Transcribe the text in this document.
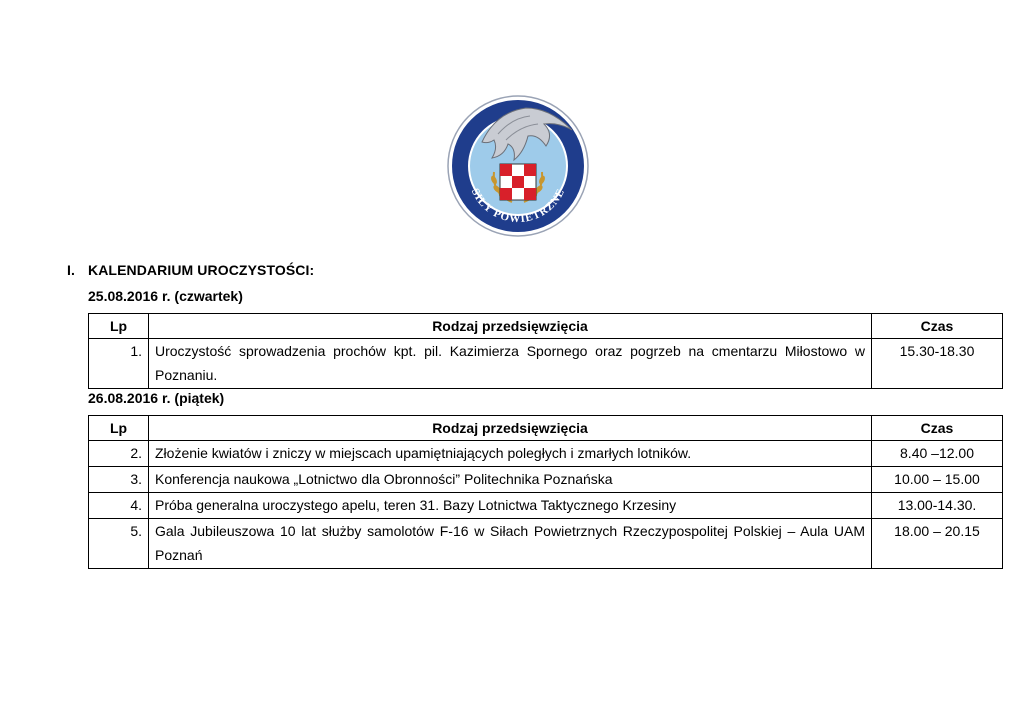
SIŁY POWIETRZNE
I. KALENDARIUM UROCZYSTOŚCI:
25.08.2016 r. (czwartek)
Lp	Rodzaj przedsięwzięcia	Czas
1.	Uroczystość sprowadzenia prochów kpt. pil. Kazimierza Spornego oraz pogrzeb na cmentarzu Miłostowo w Poznaniu.	15.30-18.30
26.08.2016 r. (piątek)
Lp	Rodzaj przedsięwzięcia	Czas
2.	Złożenie kwiatów i zniczy w miejscach upamiętniających poległych i zmarłych lotników.	8.40 –12.00
3.	Konferencja naukowa „Lotnictwo dla Obronności” Politechnika Poznańska	10.00 – 15.00
4.	Próba generalna uroczystego apelu, teren 31. Bazy Lotnictwa Taktycznego Krzesiny	13.00-14.30.
5.	Gala Jubileuszowa 10 lat służby samolotów F-16 w Siłach Powietrznych Rzeczypospolitej Polskiej – Aula UAM Poznań	18.00 – 20.15
